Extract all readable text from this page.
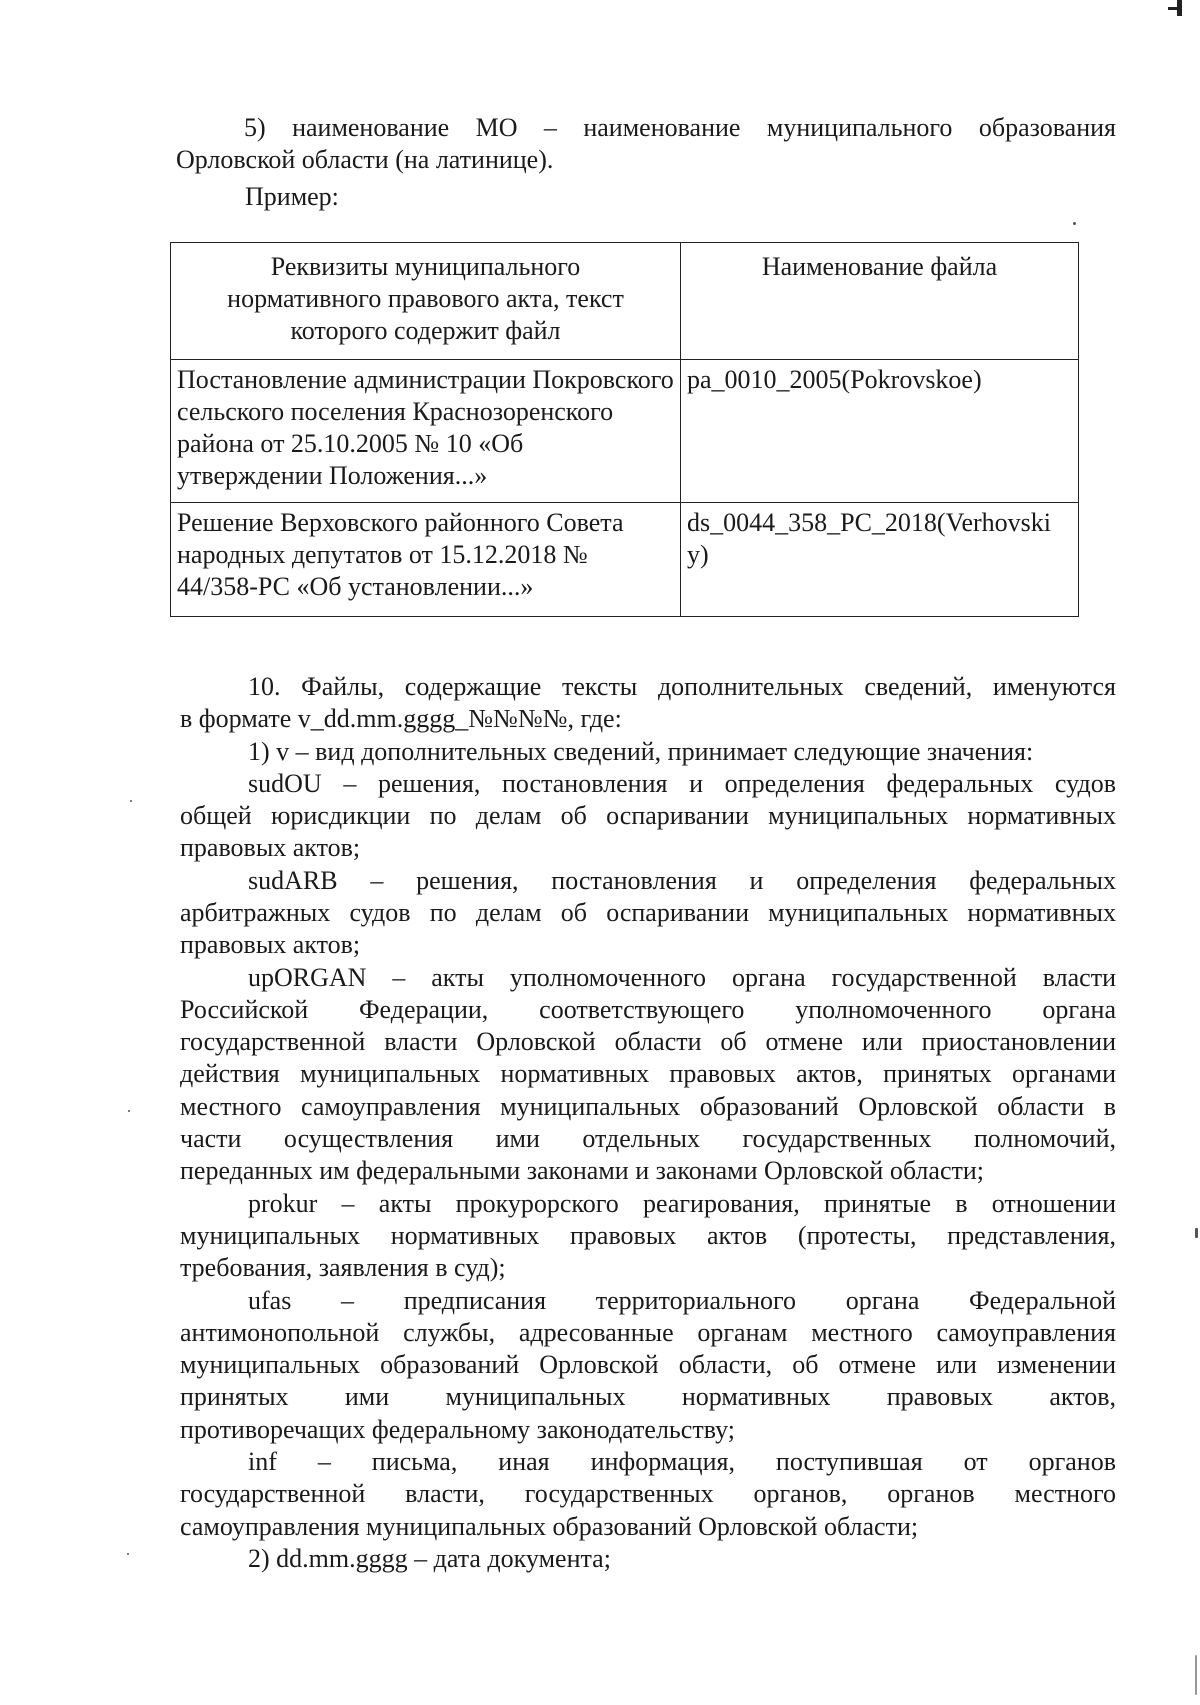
5) наименование МО – наименование муниципального образования Орловской области (на латинице).

Пример:

Реквизиты муниципального нормативного правового акта, текст которого содержит файл	Наименование файла
Постановление администрации Покровского сельского поселения Краснозоренского района от 25.10.2005 № 10 «Об утверждении Положения...»	pa_0010_2005(Pokrovskoe)
Решение Верховского районного Совета народных депутатов от 15.12.2018 № 44/358-РС «Об установлении...»	ds_0044_358_PC_2018(Verhovskiy)

10. Файлы, содержащие тексты дополнительных сведений, именуются

в формате v_dd.mm.gggg_№№№№, где:

1) v – вид дополнительных сведений, принимает следующие значения:

sudOU – решения, постановления и определения федеральных судов

общей юрисдикции по делам об оспаривании муниципальных нормативных

правовых актов;

sudARB – решения, постановления и определения федеральных

арбитражных судов по делам об оспаривании муниципальных нормативных

правовых актов;

upORGAN – акты уполномоченного органа государственной власти

Российской Федерации, соответствующего уполномоченного органа

государственной власти Орловской области об отмене или приостановлении

действия муниципальных нормативных правовых актов, принятых органами

местного самоуправления муниципальных образований Орловской области в

части осуществления ими отдельных государственных полномочий,

переданных им федеральными законами и законами Орловской области;

prokur – акты прокурорского реагирования, принятые в отношении

муниципальных нормативных правовых актов (протесты, представления,

требования, заявления в суд);

ufas – предписания территориального органа Федеральной

антимонопольной службы, адресованные органам местного самоуправления

муниципальных образований Орловской области, об отмене или изменении

принятых ими муниципальных нормативных правовых актов,

противоречащих федеральному законодательству;

inf – письма, иная информация, поступившая от органов

государственной власти, государственных органов, органов местного

самоуправления муниципальных образований Орловской области;

2) dd.mm.gggg – дата документа;
